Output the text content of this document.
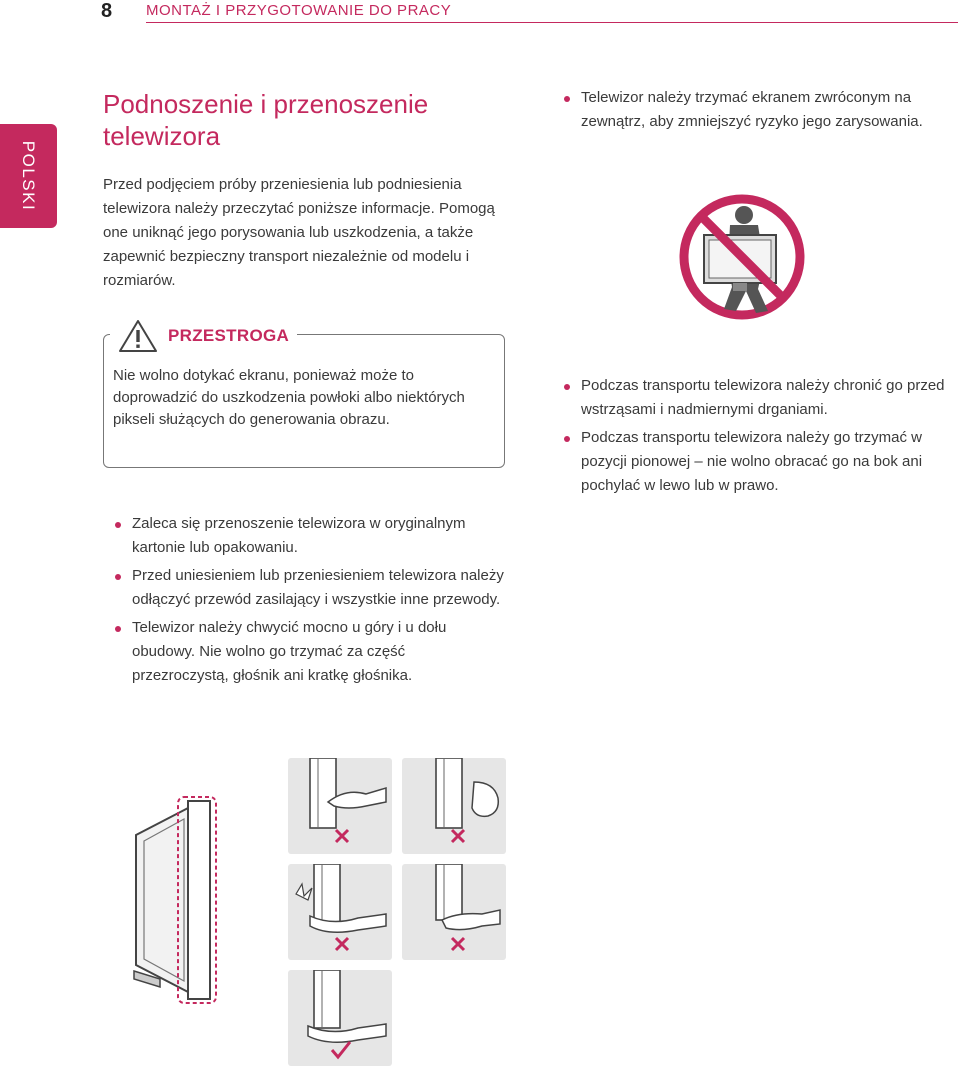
8 MONTAŻ I PRZYGOTOWANIE DO PRACY
POLSKI
Podnoszenie i przenoszenie telewizora
Przed podjęciem próby przeniesienia lub podniesienia telewizora należy przeczytać poniższe informacje. Pomogą one uniknąć jego porysowania lub uszkodzenia, a także zapewnić bezpieczny transport niezależnie od modelu i rozmiarów.
PRZESTROGA
Nie wolno dotykać ekranu, ponieważ może to doprowadzić do uszkodzenia powłoki albo niektórych pikseli służących do generowania obrazu.
Zaleca się przenoszenie telewizora w oryginalnym kartonie lub opakowaniu.
Przed uniesieniem lub przeniesieniem telewizora należy odłączyć przewód zasilający i wszystkie inne przewody.
Telewizor należy chwycić mocno u góry i u dołu obudowy. Nie wolno go trzymać za część przezroczystą, głośnik ani kratkę głośnika.
Telewizor należy trzymać ekranem zwróconym na zewnątrz, aby zmniejszyć ryzyko jego zarysowania.
Podczas transportu telewizora należy chronić go przed wstrząsami i nadmiernymi drganiami.
Podczas transportu telewizora należy go trzymać w pozycji pionowej – nie wolno obracać go na bok ani pochylać w lewo lub w prawo.
